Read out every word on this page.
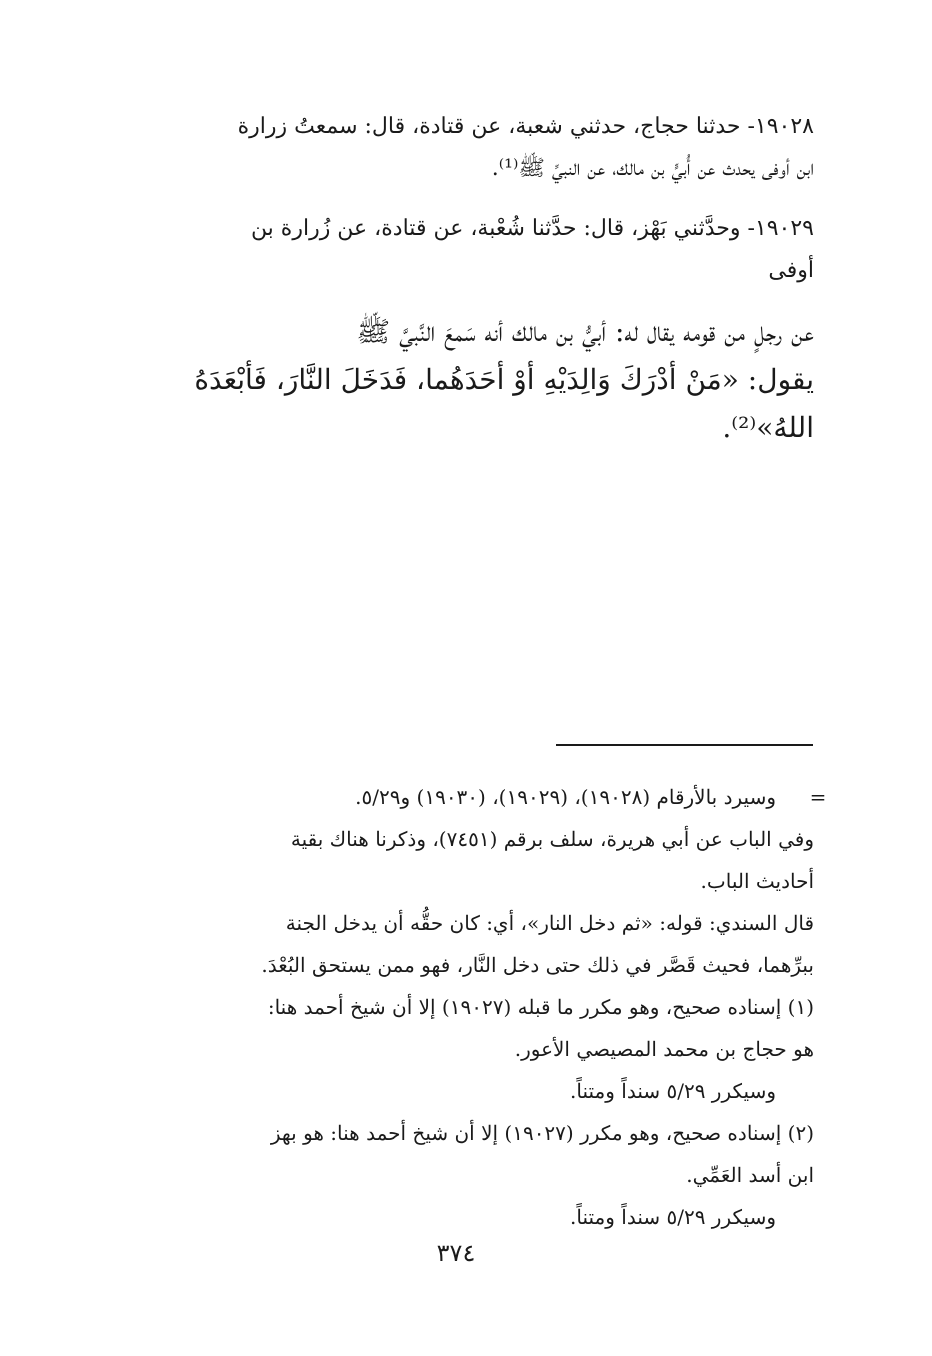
١٩٠٢٨- حدثنا حجاج، حدثني شعبة، عن قتادة، قال: سمعتُ زرارة
ابن أوفى يحدث عن أُبيٍّ بن مالك، عن النبيِّ ﷺ⁽¹⁾.

١٩٠٢٩- وحدَّثني بَهْز، قال: حدَّثنا شُعْبة، عن قتادة، عن زُرارة بن
أوفى

عن رجلٍ من قومه يقال له: أبيُّ بن مالك أنه سَمعَ النَّبيَّ ﷺ
يقول: «مَنْ أدْرَكَ وَالِدَيْهِ أوْ أحَدَهُما، فَدَخَلَ النَّارَ، فَأبْعَدَهُ
اللهُ»⁽²⁾.

=

وسيرد بالأرقام (١٩٠٢٨)، (١٩٠٢٩)، (١٩٠٣٠) و٥/٢٩.
وفي الباب عن أبي هريرة، سلف برقم (٧٤٥١)، وذكرنا هناك بقية
أحاديث الباب.
قال السندي: قوله: «ثم دخل النار»، أي: كان حقُّه أن يدخل الجنة
ببرِّهما، فحيث قَصَّر في ذلك حتى دخل النَّار، فهو ممن يستحق البُعْدَ.
(١) إسناده صحيح، وهو مكرر ما قبله (١٩٠٢٧) إلا أن شيخ أحمد هنا:
هو حجاج بن محمد المصيصي الأعور.
وسيكرر ٥/٢٩ سنداً ومتناً.
(٢) إسناده صحيح، وهو مكرر (١٩٠٢٧) إلا أن شيخ أحمد هنا: هو بهز
ابن أسد العَمِّي.
وسيكرر ٥/٢٩ سنداً ومتناً.

٣٧٤
